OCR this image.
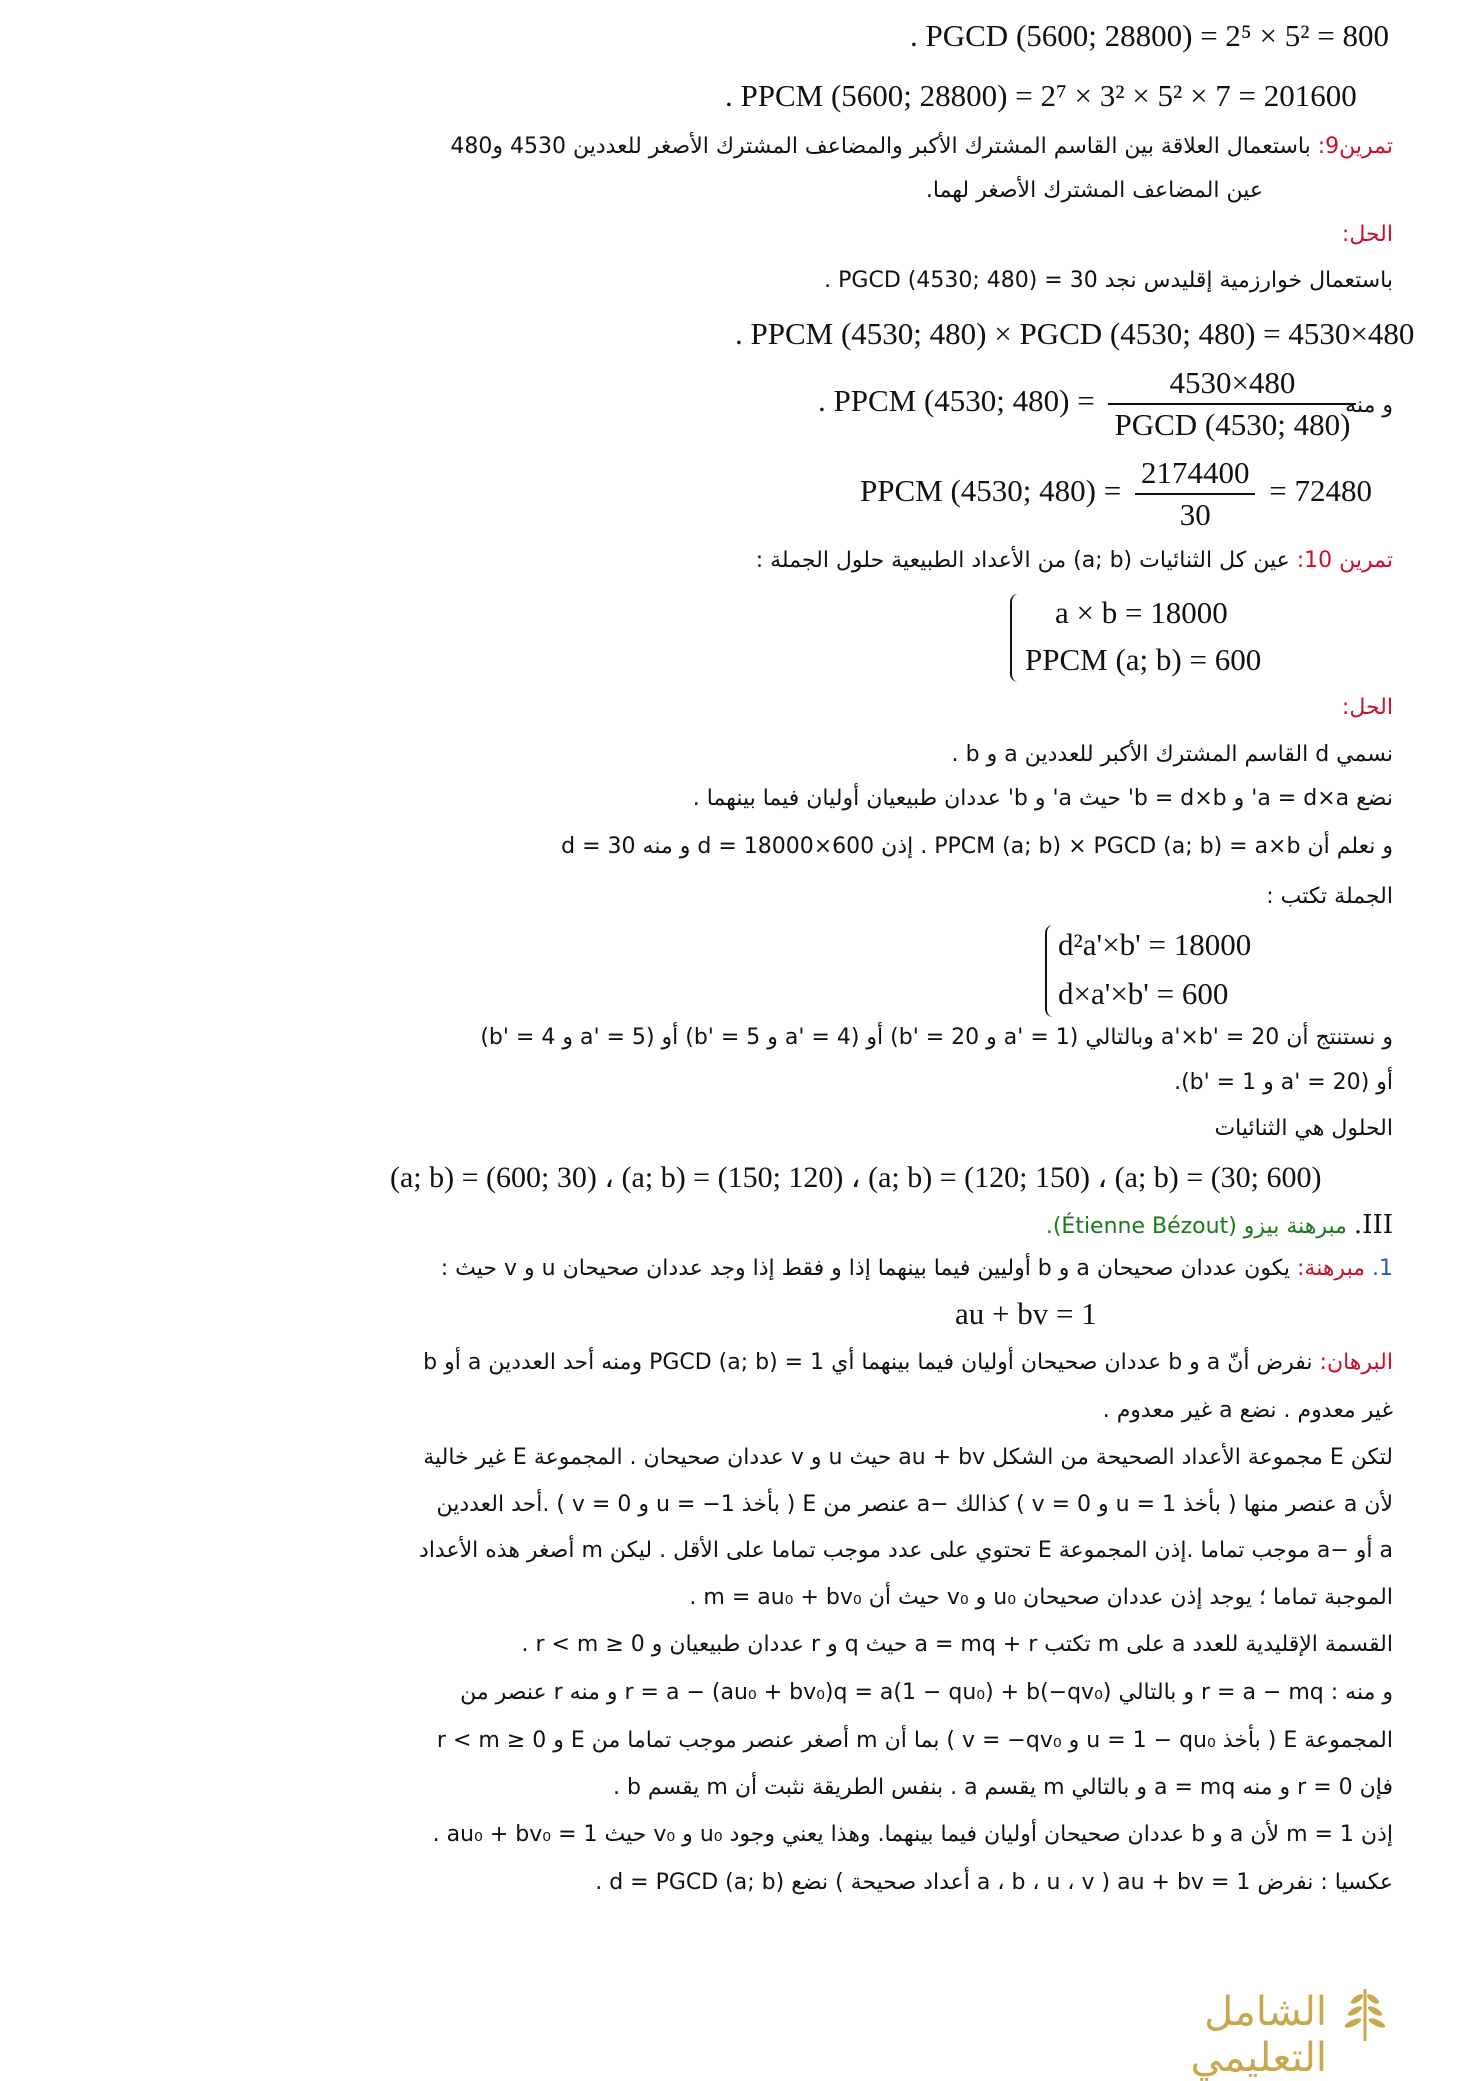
. PGCD (5600; 28800) = 2⁵ × 5² = 800
. PPCM (5600; 28800) = 2⁷ × 3² × 5² × 7 = 201600
تمرين9: باستعمال العلاقة بين القاسم المشترك الأكبر والمضاعف المشترك الأصغر للعددين 4530 و480
عين المضاعف المشترك الأصغر لهما.
الحل:
باستعمال خوارزمية إقليدس نجد PGCD (4530; 480) = 30 .
. PPCM (4530; 480) × PGCD (4530; 480) = 4530×480
و منه
. PPCM (4530; $480) = \frac{4530\times 480}{\text{PGCD (4530; 480)}}$
PPCM (4530; $480) = \frac{2174400}{30} = 72480$
تمرين 10: عين كل الثنائيات (a; b) من الأعداد الطبيعية حلول الجملة :
a × b = 18000
PPCM (a; b) = 600
الحل:
نسمي d القاسم المشترك الأكبر للعددين a و b .
نضع a = d×a' و b = d×b' حيث a' و b' عددان طبيعيان أوليان فيما بينهما .
و نعلم أن PPCM (a; b) × PGCD (a; b) = a×b . إذن 600×d = 18000 و منه d = 30
الجملة تكتب :
d²a'×b' = 18000
d×a'×b' = 600
و نستنتج أن a'×b' = 20 وبالتالي (a' = 1 و b' = 20) أو (a' = 4 و b' = 5) أو (a' = 5 و b' = 4)
أو (a' = 20 و b' = 1).
الحلول هي الثنائيات
(a; b) = (600; 30) ، (a; b) = (150; 120) ، (a; b) = (120; 150) ، (a; b) = (30; 600)
III. مبرهنة بيزو (Étienne Bézout).
1. مبرهنة: يكون عددان صحيحان a و b أوليين فيما بينهما إذا و فقط إذا وجد عددان صحيحان u و v حيث :
au + bv = 1
البرهان: نفرض أنّ a و b عددان صحيحان أوليان فيما بينهما أي PGCD (a; b) = 1 ومنه أحد العددين a أو b
غير معدوم . نضع a غير معدوم .
لتكن E مجموعة الأعداد الصحيحة من الشكل au + bv حيث u و v عددان صحيحان . المجموعة E غير خالية
لأن a عنصر منها ( بأخذ u = 1 و v = 0 ) كذالك −a عنصر من E ( بأخذ u = −1 و v = 0 ) .أحد العددين
a أو −a موجب تماما .إذن المجموعة E تحتوي على عدد موجب تماما على الأقل . ليكن m أصغر هذه الأعداد
الموجبة تماما ؛ يوجد إذن عددان صحيحان u₀ و v₀ حيث أن m = au₀ + bv₀ .
القسمة الإقليدية للعدد a على m تكتب a = mq + r حيث q و r عددان طبيعيان و 0 ≤ r < m .
و منه : r = a − mq و بالتالي r = a − (au₀ + bv₀)q = a(1 − qu₀) + b(−qv₀) و منه r عنصر من
المجموعة E ( بأخذ u = 1 − qu₀ و v = −qv₀ ) بما أن m أصغر عنصر موجب تماما من E و 0 ≤ r < m
فإن r = 0 و منه a = mq و بالتالي m يقسم a . بنفس الطريقة نثبت أن m يقسم b .
إذن m = 1 لأن a و b عددان صحيحان أوليان فيما بينهما. وهذا يعني وجود u₀ و v₀ حيث au₀ + bv₀ = 1 .
عكسيا : نفرض au + bv = 1 ( a ، b ، u ، v أعداد صحيحة ) نضع d = PGCD (a; b) .
الشامل التعليمي
